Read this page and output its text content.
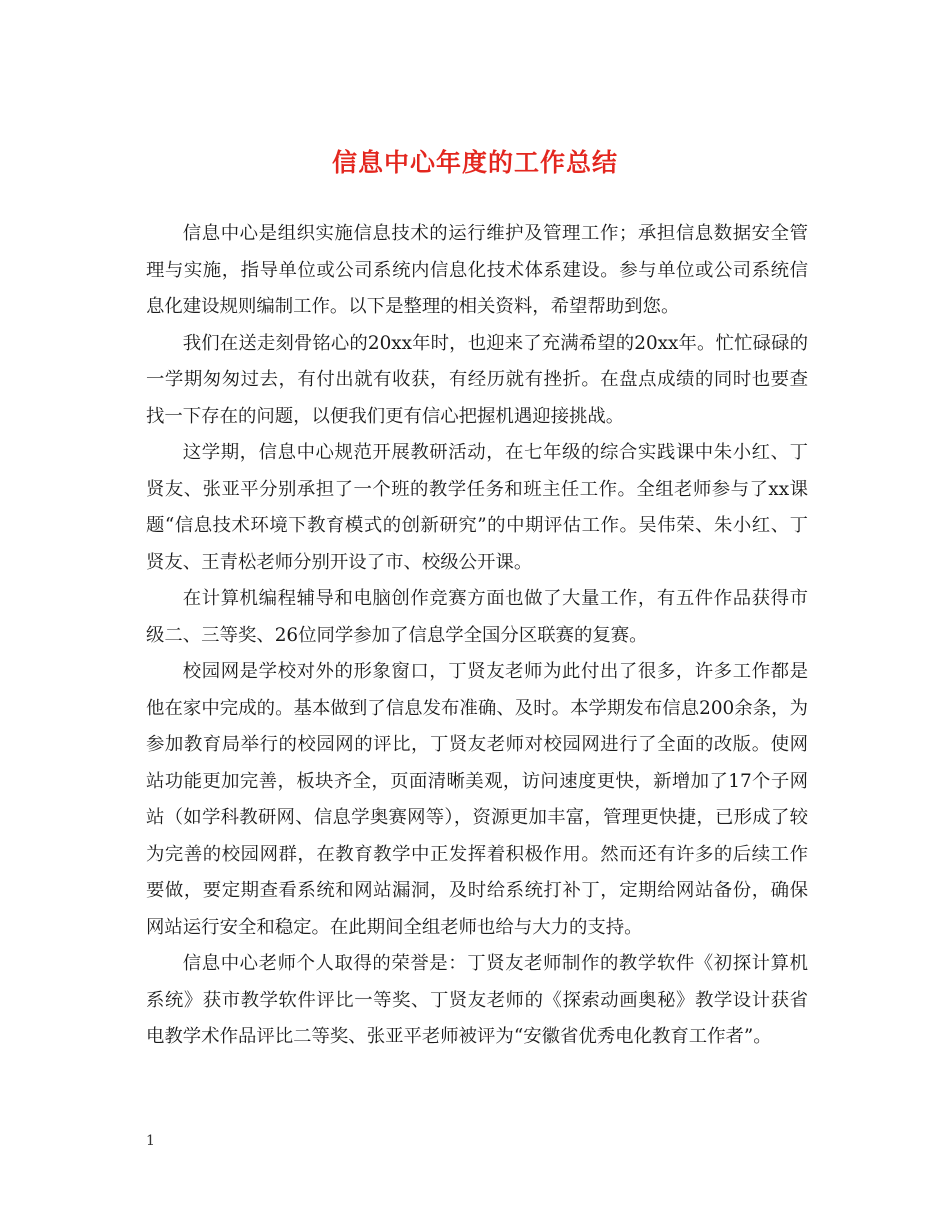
信息中心年度的工作总结

信息中心是组织实施信息技术的运行维护及管理工作；承担信息数据安全管理与实施，指导单位或公司系统内信息化技术体系建设。参与单位或公司系统信息化建设规则编制工作。以下是整理的相关资料，希望帮助到您。

我们在送走刻骨铭心的20xx年时，也迎来了充满希望的20xx年。忙忙碌碌的一学期匆匆过去，有付出就有收获，有经历就有挫折。在盘点成绩的同时也要查找一下存在的问题，以便我们更有信心把握机遇迎接挑战。

这学期，信息中心规范开展教研活动，在七年级的综合实践课中朱小红、丁贤友、张亚平分别承担了一个班的教学任务和班主任工作。全组老师参与了xx课题“信息技术环境下教育模式的创新研究”的中期评估工作。吴伟荣、朱小红、丁贤友、王青松老师分别开设了市、校级公开课。

在计算机编程辅导和电脑创作竞赛方面也做了大量工作，有五件作品获得市级二、三等奖、26位同学参加了信息学全国分区联赛的复赛。

校园网是学校对外的形象窗口，丁贤友老师为此付出了很多，许多工作都是他在家中完成的。基本做到了信息发布准确、及时。本学期发布信息200余条，为参加教育局举行的校园网的评比，丁贤友老师对校园网进行了全面的改版。使网站功能更加完善，板块齐全，页面清晰美观，访问速度更快，新增加了17个子网站（如学科教研网、信息学奥赛网等），资源更加丰富，管理更快捷，已形成了较为完善的校园网群，在教育教学中正发挥着积极作用。然而还有许多的后续工作要做，要定期查看系统和网站漏洞，及时给系统打补丁，定期给网站备份，确保网站运行安全和稳定。在此期间全组老师也给与大力的支持。

信息中心老师个人取得的荣誉是：丁贤友老师制作的教学软件《初探计算机系统》获市教学软件评比一等奖、丁贤友老师的《探索动画奥秘》教学设计获省电教学术作品评比二等奖、张亚平老师被评为“安徽省优秀电化教育工作者”。

1
